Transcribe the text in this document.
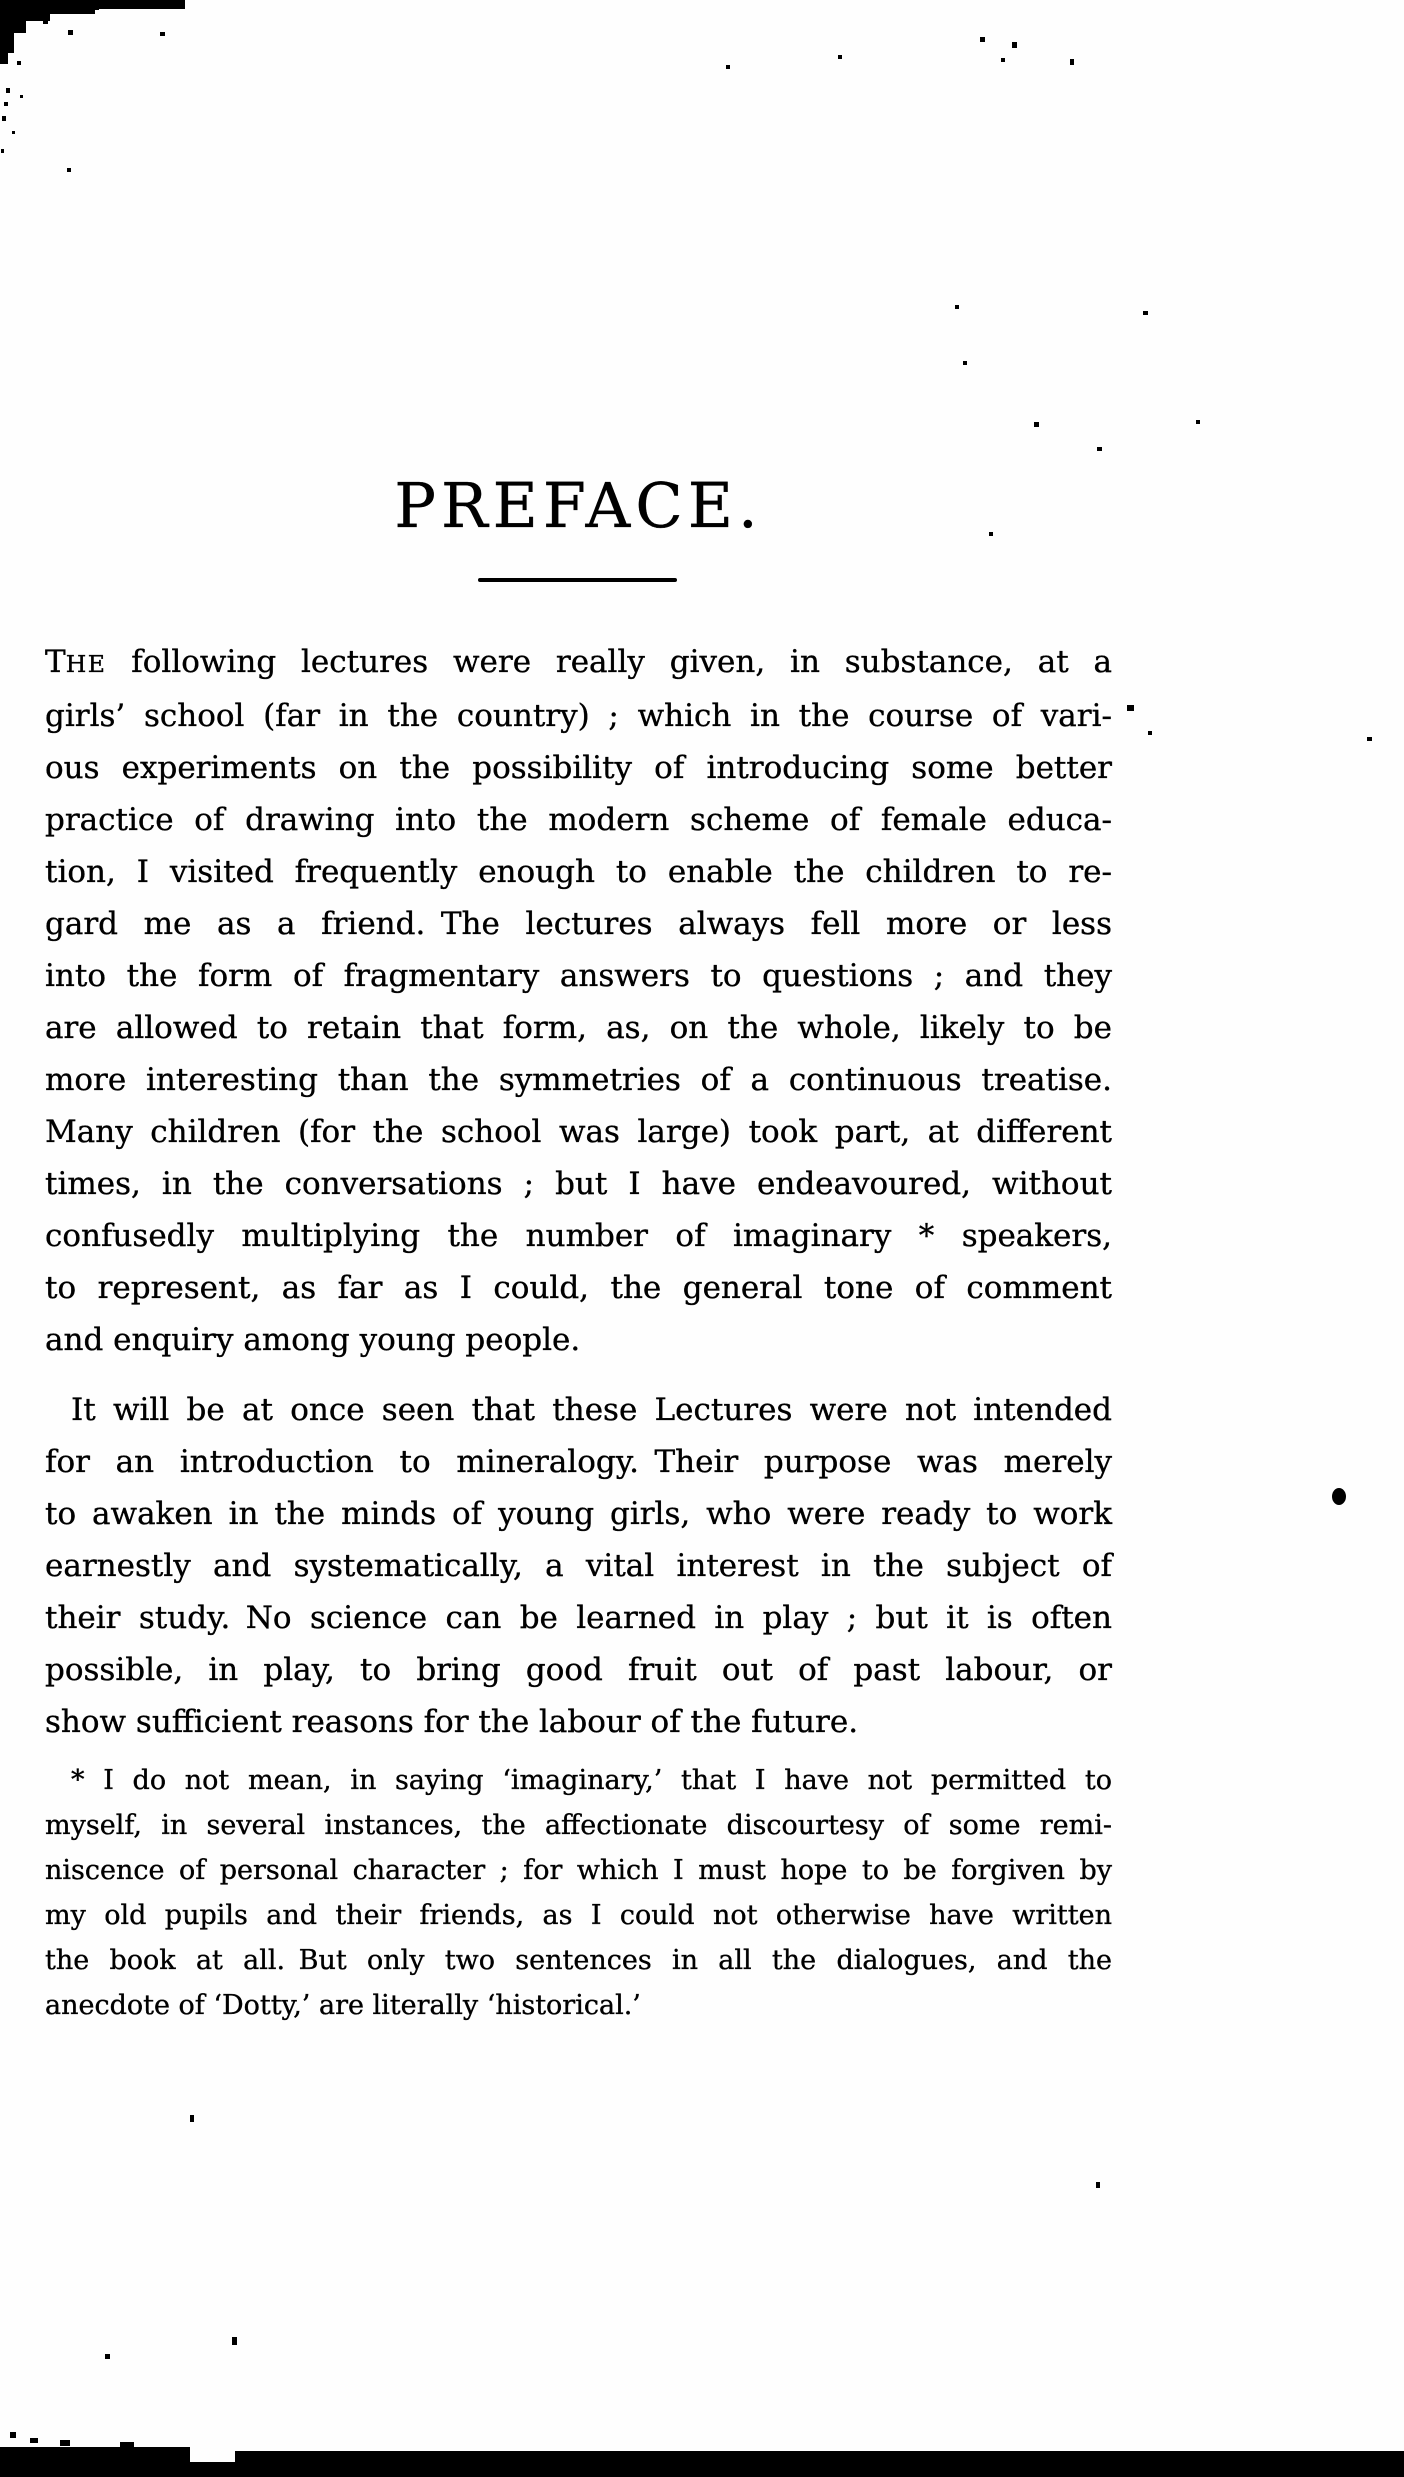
PREFACE.
THE following lectures were really given, in substance, at a
girls’ school (far in the country) ; which in the course of vari-
ous experiments on the possibility of introducing some better
practice of drawing into the modern scheme of female educa-
tion, I visited frequently enough to enable the children to re-
gard me as a friend. The lectures always fell more or less
into the form of fragmentary answers to questions ; and they
are allowed to retain that form, as, on the whole, likely to be
more interesting than the symmetries of a continuous treatise.
Many children (for the school was large) took part, at different
times, in the conversations ; but I have endeavoured, without
confusedly multiplying the number of imaginary * speakers,
to represent, as far as I could, the general tone of comment
and enquiry among young people.
It will be at once seen that these Lectures were not intended
for an introduction to mineralogy. Their purpose was merely
to awaken in the minds of young girls, who were ready to work
earnestly and systematically, a vital interest in the subject of
their study. No science can be learned in play ; but it is often
possible, in play, to bring good fruit out of past labour, or
show sufficient reasons for the labour of the future.
* I do not mean, in saying ‘imaginary,’ that I have not permitted to
myself, in several instances, the affectionate discourtesy of some remi-
niscence of personal character ; for which I must hope to be forgiven by
my old pupils and their friends, as I could not otherwise have written
the book at all. But only two sentences in all the dialogues, and the
anecdote of ‘Dotty,’ are literally ‘historical.’
